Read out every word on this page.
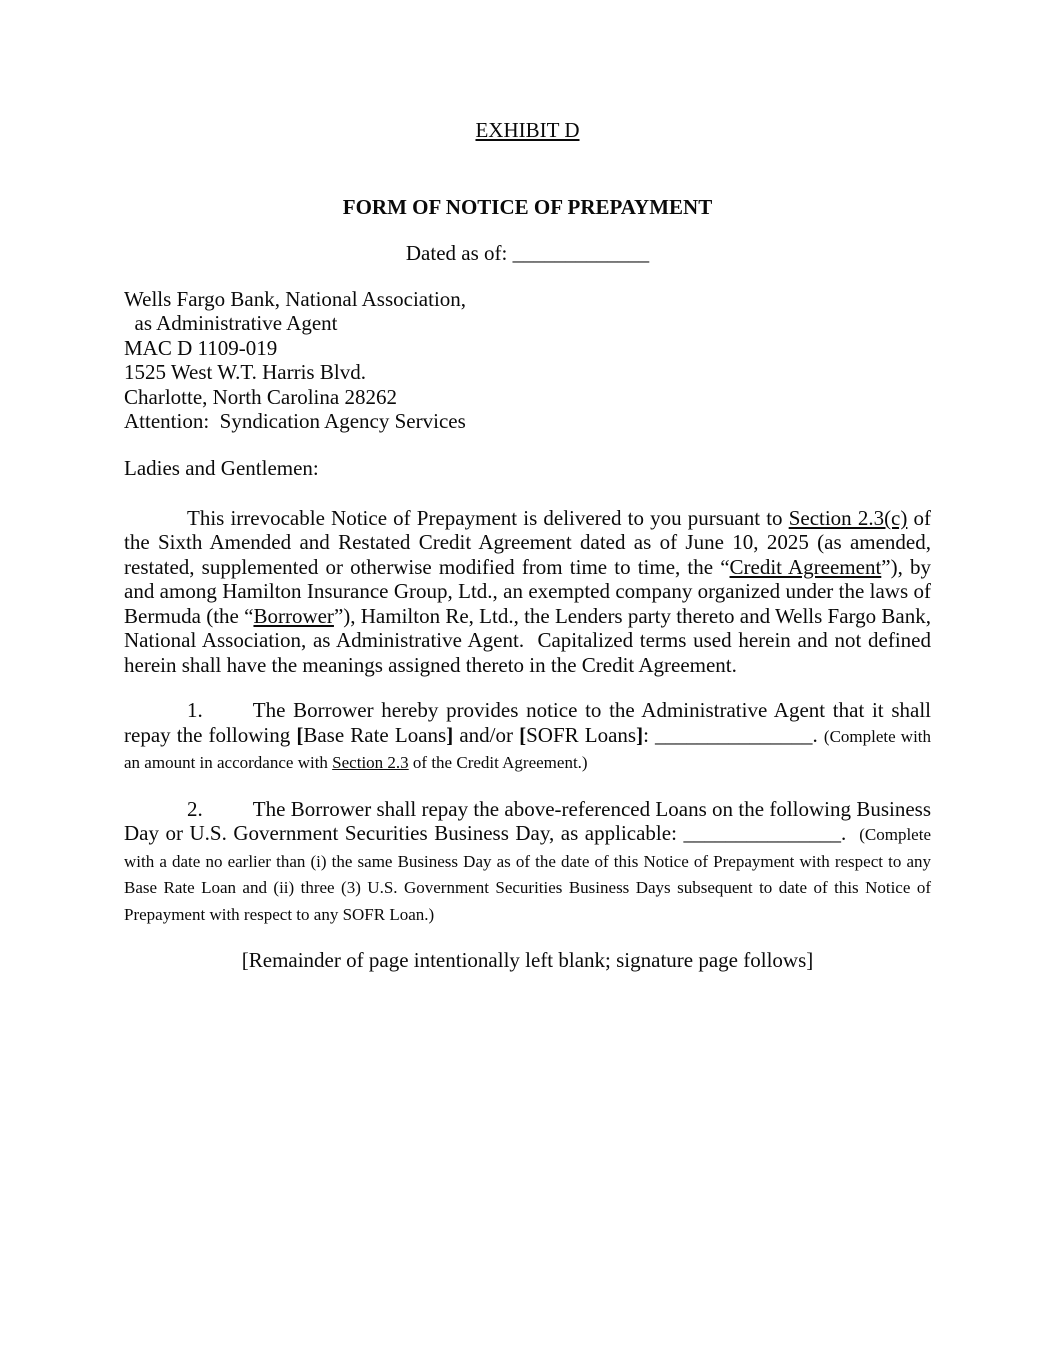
EXHIBIT D
FORM OF NOTICE OF PREPAYMENT
Dated as of: _____________
Wells Fargo Bank, National Association,
as Administrative Agent
MAC D 1109-019
1525 West W.T. Harris Blvd.
Charlotte, North Carolina 28262
Attention:  Syndication Agency Services
Ladies and Gentlemen:

This irrevocable Notice of Prepayment is delivered to you pursuant to Section 2.3(c) of the Sixth Amended and Restated Credit Agreement dated as of June 10, 2025 (as amended, restated, supplemented or otherwise modified from time to time, the “Credit Agreement”), by and among Hamilton Insurance Group, Ltd., an exempted company organized under the laws of Bermuda (the “Borrower”), Hamilton Re, Ltd., the Lenders party thereto and Wells Fargo Bank, National Association, as Administrative Agent.  Capitalized terms used herein and not defined herein shall have the meanings assigned thereto in the Credit Agreement.

1. The Borrower hereby provides notice to the Administrative Agent that it shall repay the following [Base Rate Loans] and/or [SOFR Loans]: _______________. (Complete with an amount in accordance with Section 2.3 of the Credit Agreement.)

2. The Borrower shall repay the above-referenced Loans on the following Business Day or U.S. Government Securities Business Day, as applicable: _______________.  (Complete with a date no earlier than (i) the same Business Day as of the date of this Notice of Prepayment with respect to any Base Rate Loan and (ii) three (3) U.S. Government Securities Business Days subsequent to date of this Notice of Prepayment with respect to any SOFR Loan.)

[Remainder of page intentionally left blank; signature page follows]
